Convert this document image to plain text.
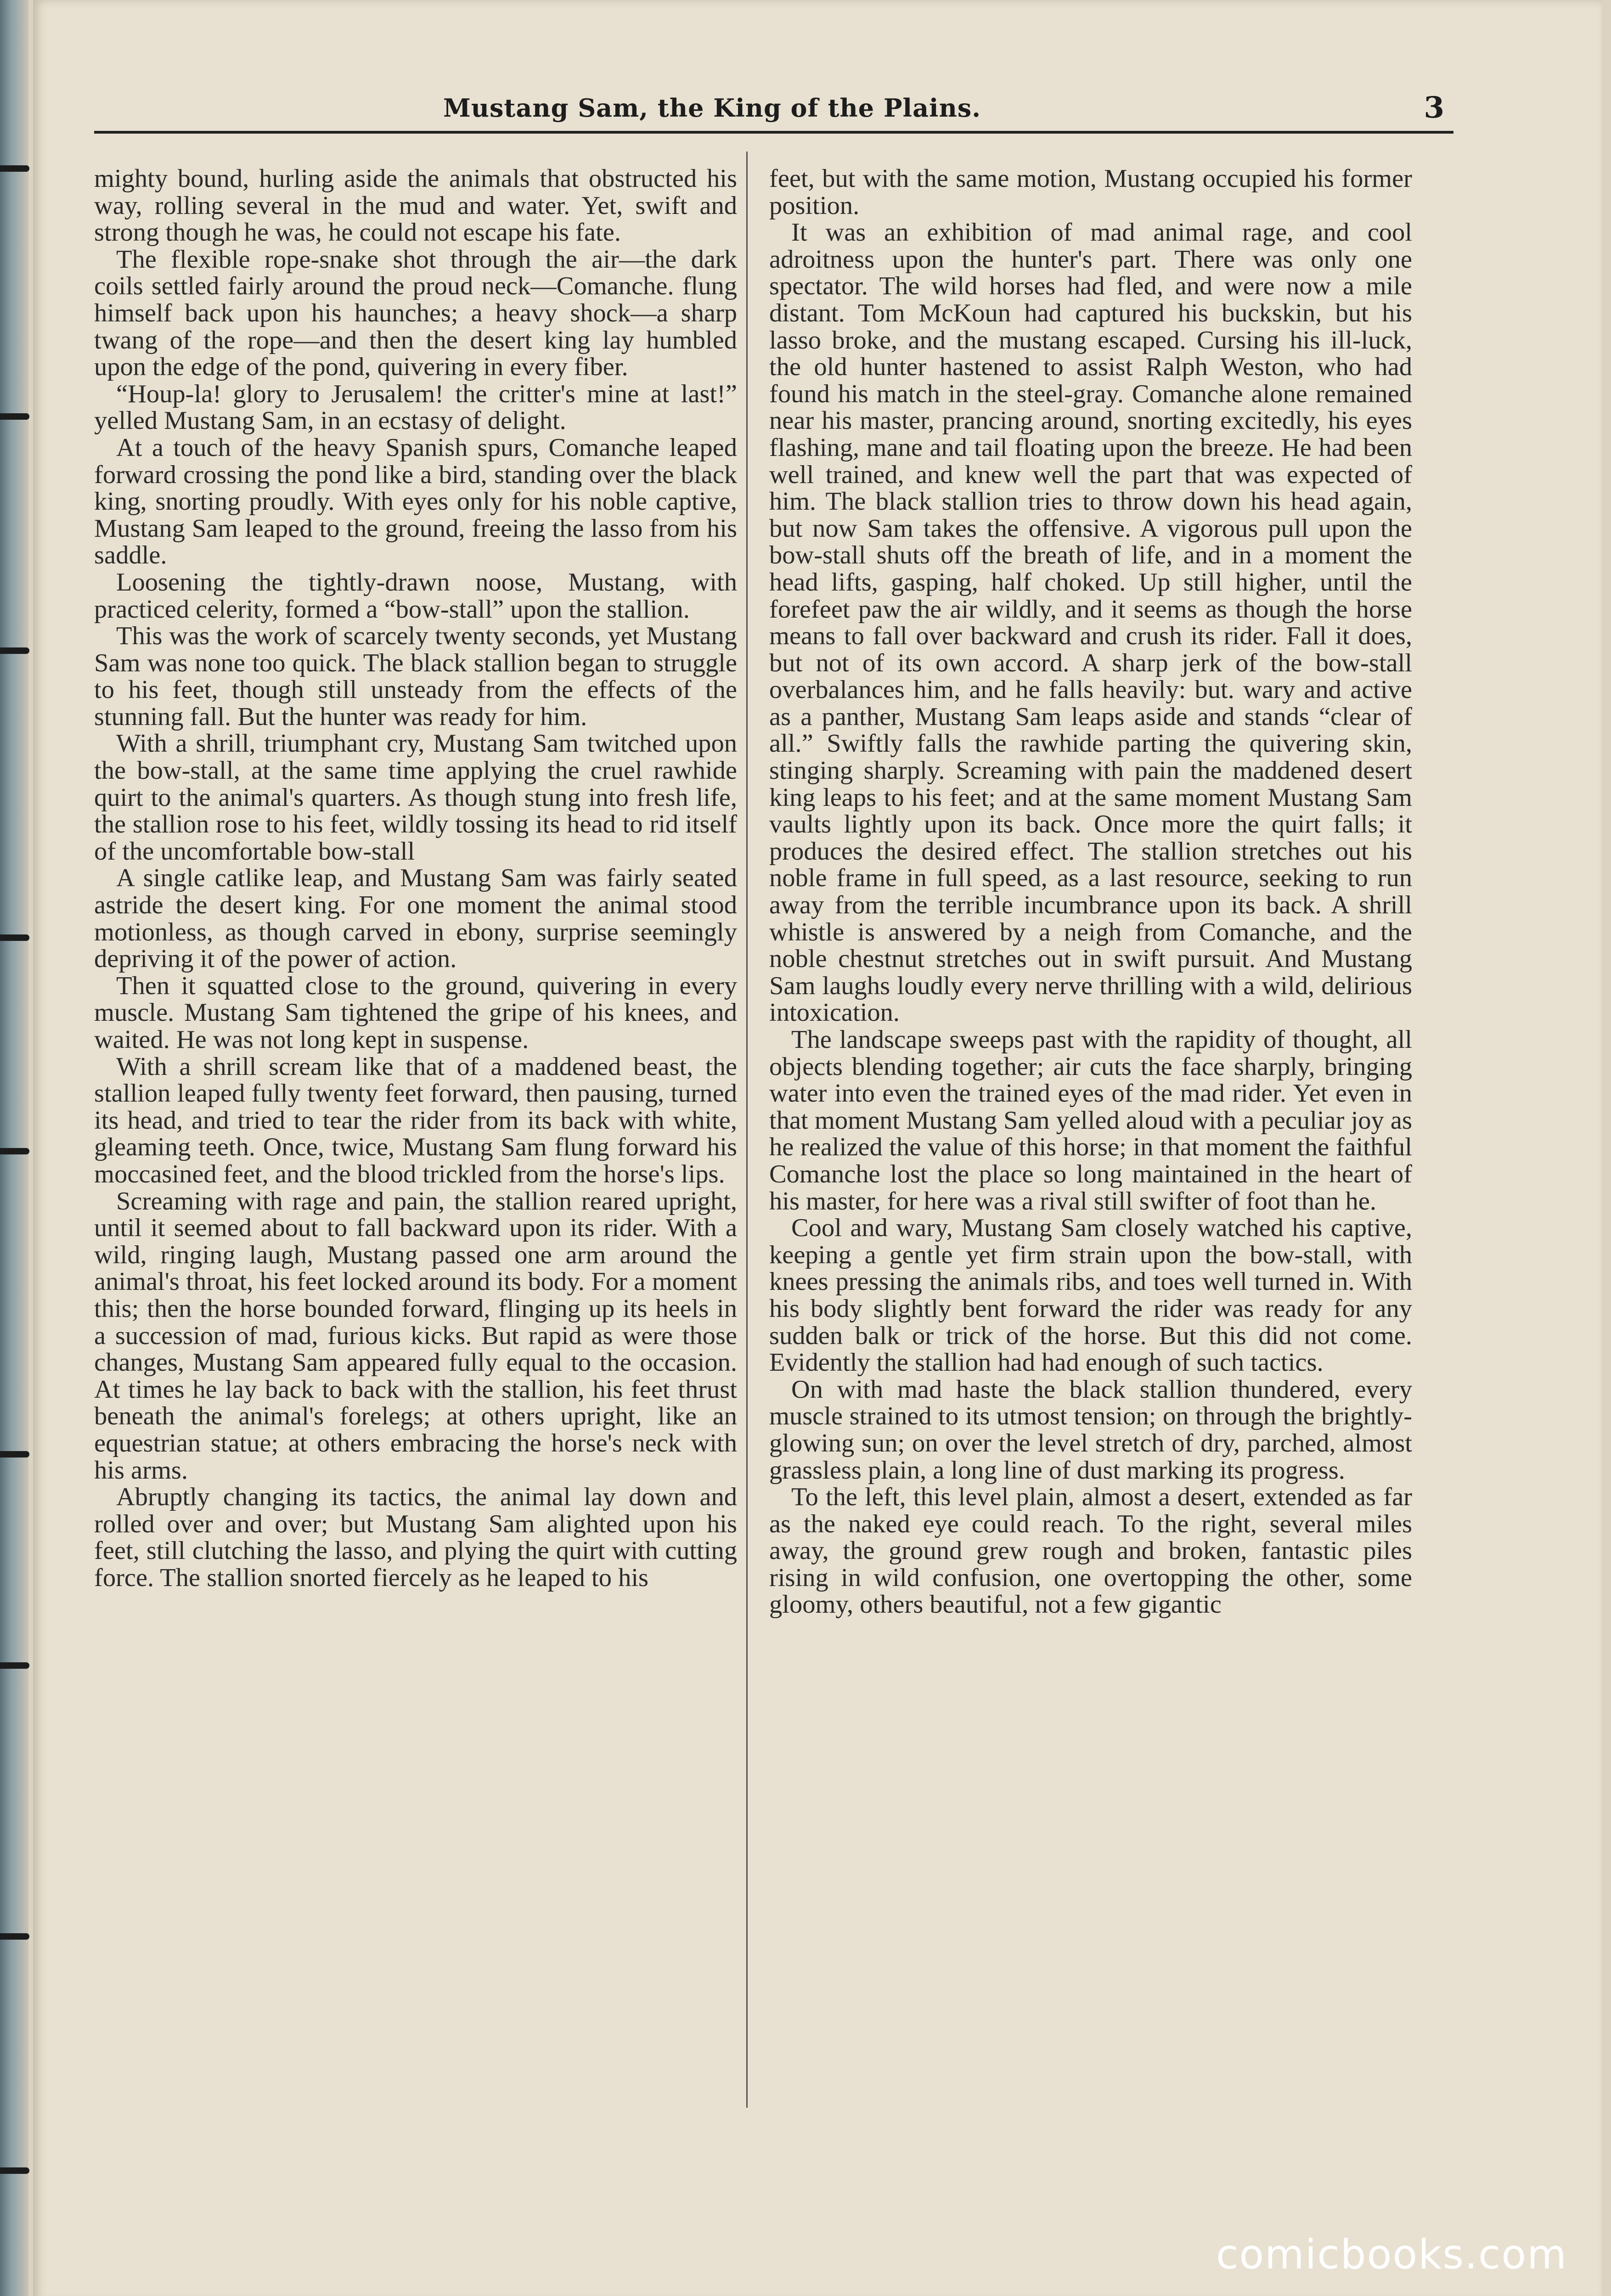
Mustang Sam, the King of the Plains.	3

mighty bound, hurling aside the animals that obstructed his way, rolling several in the mud and water. Yet, swift and strong though he was, he could not escape his fate.

The flexible rope-snake shot through the air—the dark coils settled fairly around the proud neck—Comanche. flung himself back upon his haunches; a heavy shock—a sharp twang of the rope—and then the desert king lay humbled upon the edge of the pond, quivering in every fiber.

“Houp-la! glory to Jerusalem! the critter's mine at last!” yelled Mustang Sam, in an ecstasy of delight.

At a touch of the heavy Spanish spurs, Comanche leaped forward crossing the pond like a bird, standing over the black king, snorting proudly. With eyes only for his noble captive, Mustang Sam leaped to the ground, freeing the lasso from his saddle.

Loosening the tightly-drawn noose, Mustang, with practiced celerity, formed a “bow-stall” upon the stallion.

This was the work of scarcely twenty seconds, yet Mustang Sam was none too quick. The black stallion began to struggle to his feet, though still unsteady from the effects of the stunning fall. But the hunter was ready for him.

With a shrill, triumphant cry, Mustang Sam twitched upon the bow-stall, at the same time applying the cruel rawhide quirt to the animal's quarters. As though stung into fresh life, the stallion rose to his feet, wildly tossing its head to rid itself of the uncomfortable bow-stall

A single catlike leap, and Mustang Sam was fairly seated astride the desert king. For one moment the animal stood motionless, as though carved in ebony, surprise seemingly depriving it of the power of action.

Then it squatted close to the ground, quivering in every muscle. Mustang Sam tightened the gripe of his knees, and waited. He was not long kept in suspense.

With a shrill scream like that of a maddened beast, the stallion leaped fully twenty feet forward, then pausing, turned its head, and tried to tear the rider from its back with white, gleaming teeth. Once, twice, Mustang Sam flung forward his moccasined feet, and the blood trickled from the horse's lips.

Screaming with rage and pain, the stallion reared upright, until it seemed about to fall backward upon its rider. With a wild, ringing laugh, Mustang passed one arm around the animal's throat, his feet locked around its body. For a moment this; then the horse bounded forward, flinging up its heels in a succession of mad, furious kicks. But rapid as were those changes, Mustang Sam appeared fully equal to the occasion. At times he lay back to back with the stallion, his feet thrust beneath the animal's forelegs; at others upright, like an equestrian statue; at others embracing the horse's neck with his arms.

Abruptly changing its tactics, the animal lay down and rolled over and over; but Mustang Sam alighted upon his feet, still clutching the lasso, and plying the quirt with cutting force. The stallion snorted fiercely as he leaped to his

feet, but with the same motion, Mustang occupied his former position.

It was an exhibition of mad animal rage, and cool adroitness upon the hunter's part. There was only one spectator. The wild horses had fled, and were now a mile distant. Tom McKoun had captured his buckskin, but his lasso broke, and the mustang escaped. Cursing his ill-luck, the old hunter hastened to assist Ralph Weston, who had found his match in the steel-gray. Comanche alone remained near his master, prancing around, snorting excitedly, his eyes flashing, mane and tail floating upon the breeze. He had been well trained, and knew well the part that was expected of him. The black stallion tries to throw down his head again, but now Sam takes the offensive. A vigorous pull upon the bow-stall shuts off the breath of life, and in a moment the head lifts, gasping, half choked. Up still higher, until the forefeet paw the air wildly, and it seems as though the horse means to fall over backward and crush its rider. Fall it does, but not of its own accord. A sharp jerk of the bow-stall overbalances him, and he falls heavily: but. wary and active as a panther, Mustang Sam leaps aside and stands “clear of all.” Swiftly falls the rawhide parting the quivering skin, stinging sharply. Screaming with pain the maddened desert king leaps to his feet; and at the same moment Mustang Sam vaults lightly upon its back. Once more the quirt falls; it produces the desired effect. The stallion stretches out his noble frame in full speed, as a last resource, seeking to run away from the terrible incumbrance upon its back. A shrill whistle is answered by a neigh from Comanche, and the noble chestnut stretches out in swift pursuit. And Mustang Sam laughs loudly every nerve thrilling with a wild, delirious intoxication.

The landscape sweeps past with the rapidity of thought, all objects blending together; air cuts the face sharply, bringing water into even the trained eyes of the mad rider. Yet even in that moment Mustang Sam yelled aloud with a peculiar joy as he realized the value of this horse; in that moment the faithful Comanche lost the place so long maintained in the heart of his master, for here was a rival still swifter of foot than he.

Cool and wary, Mustang Sam closely watched his captive, keeping a gentle yet firm strain upon the bow-stall, with knees pressing the animals ribs, and toes well turned in. With his body slightly bent forward the rider was ready for any sudden balk or trick of the horse. But this did not come. Evidently the stallion had had enough of such tactics.

On with mad haste the black stallion thundered, every muscle strained to its utmost tension; on through the brightly-glowing sun; on over the level stretch of dry, parched, almost grassless plain, a long line of dust marking its progress.

To the left, this level plain, almost a desert, extended as far as the naked eye could reach. To the right, several miles away, the ground grew rough and broken, fantastic piles rising in wild confusion, one overtopping the other, some gloomy, others beautiful, not a few gigantic

comicbooks.com
